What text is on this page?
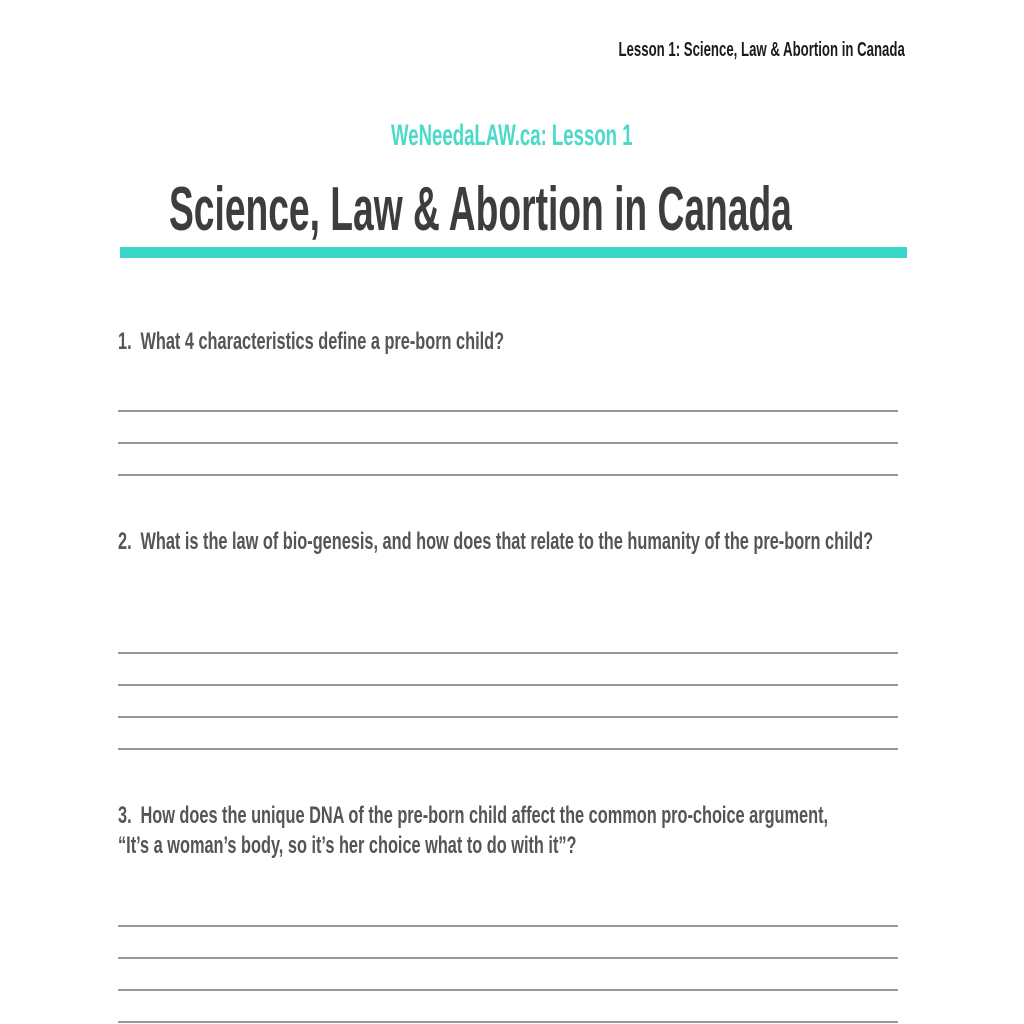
Lesson 1: Science, Law & Abortion in Canada
WeNeedaLAW.ca: Lesson 1
Science, Law & Abortion in Canada
1. What 4 characteristics define a pre-born child?
2. What is the law of bio-genesis, and how does that relate to the humanity of the pre-born child?
3. How does the unique DNA of the pre-born child affect the common pro-choice argument, “It’s a woman’s body, so it’s her choice what to do with it”?
